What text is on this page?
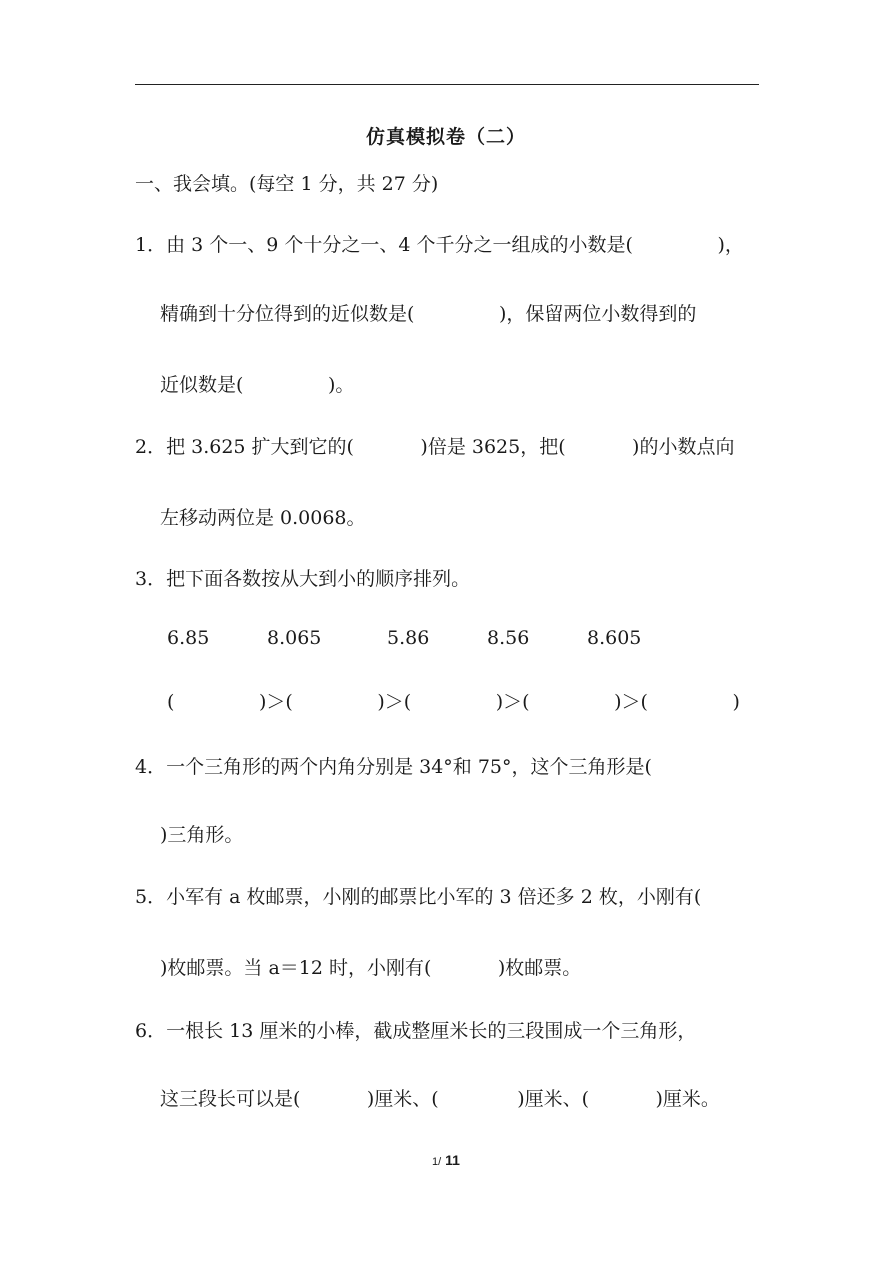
仿真模拟卷（二）
一、我会填。(每空 1 分，共 27 分)
1．由 3 个一、9 个十分之一、4 个千分之一组成的小数是(              )，
精确到十分位得到的近似数是(              )，保留两位小数得到的
近似数是(              )。
2．把 3.625 扩大到它的(           )倍是 3625，把(           )的小数点向
左移动两位是 0.0068。
3．把下面各数按从大到小的顺序排列。
6.85	8.065	5.86	8.56	8.605
(              )＞(              )＞(              )＞(              )＞(              )
4．一个三角形的两个内角分别是 34°和 75°，这个三角形是(
)三角形。
5．小军有 a 枚邮票，小刚的邮票比小军的 3 倍还多 2 枚，小刚有(
)枚邮票。当 a＝12 时，小刚有(           )枚邮票。
6．一根长 13 厘米的小棒，截成整厘米长的三段围成一个三角形，
这三段长可以是(           )厘米、(             )厘米、(           )厘米。
1/ 11
